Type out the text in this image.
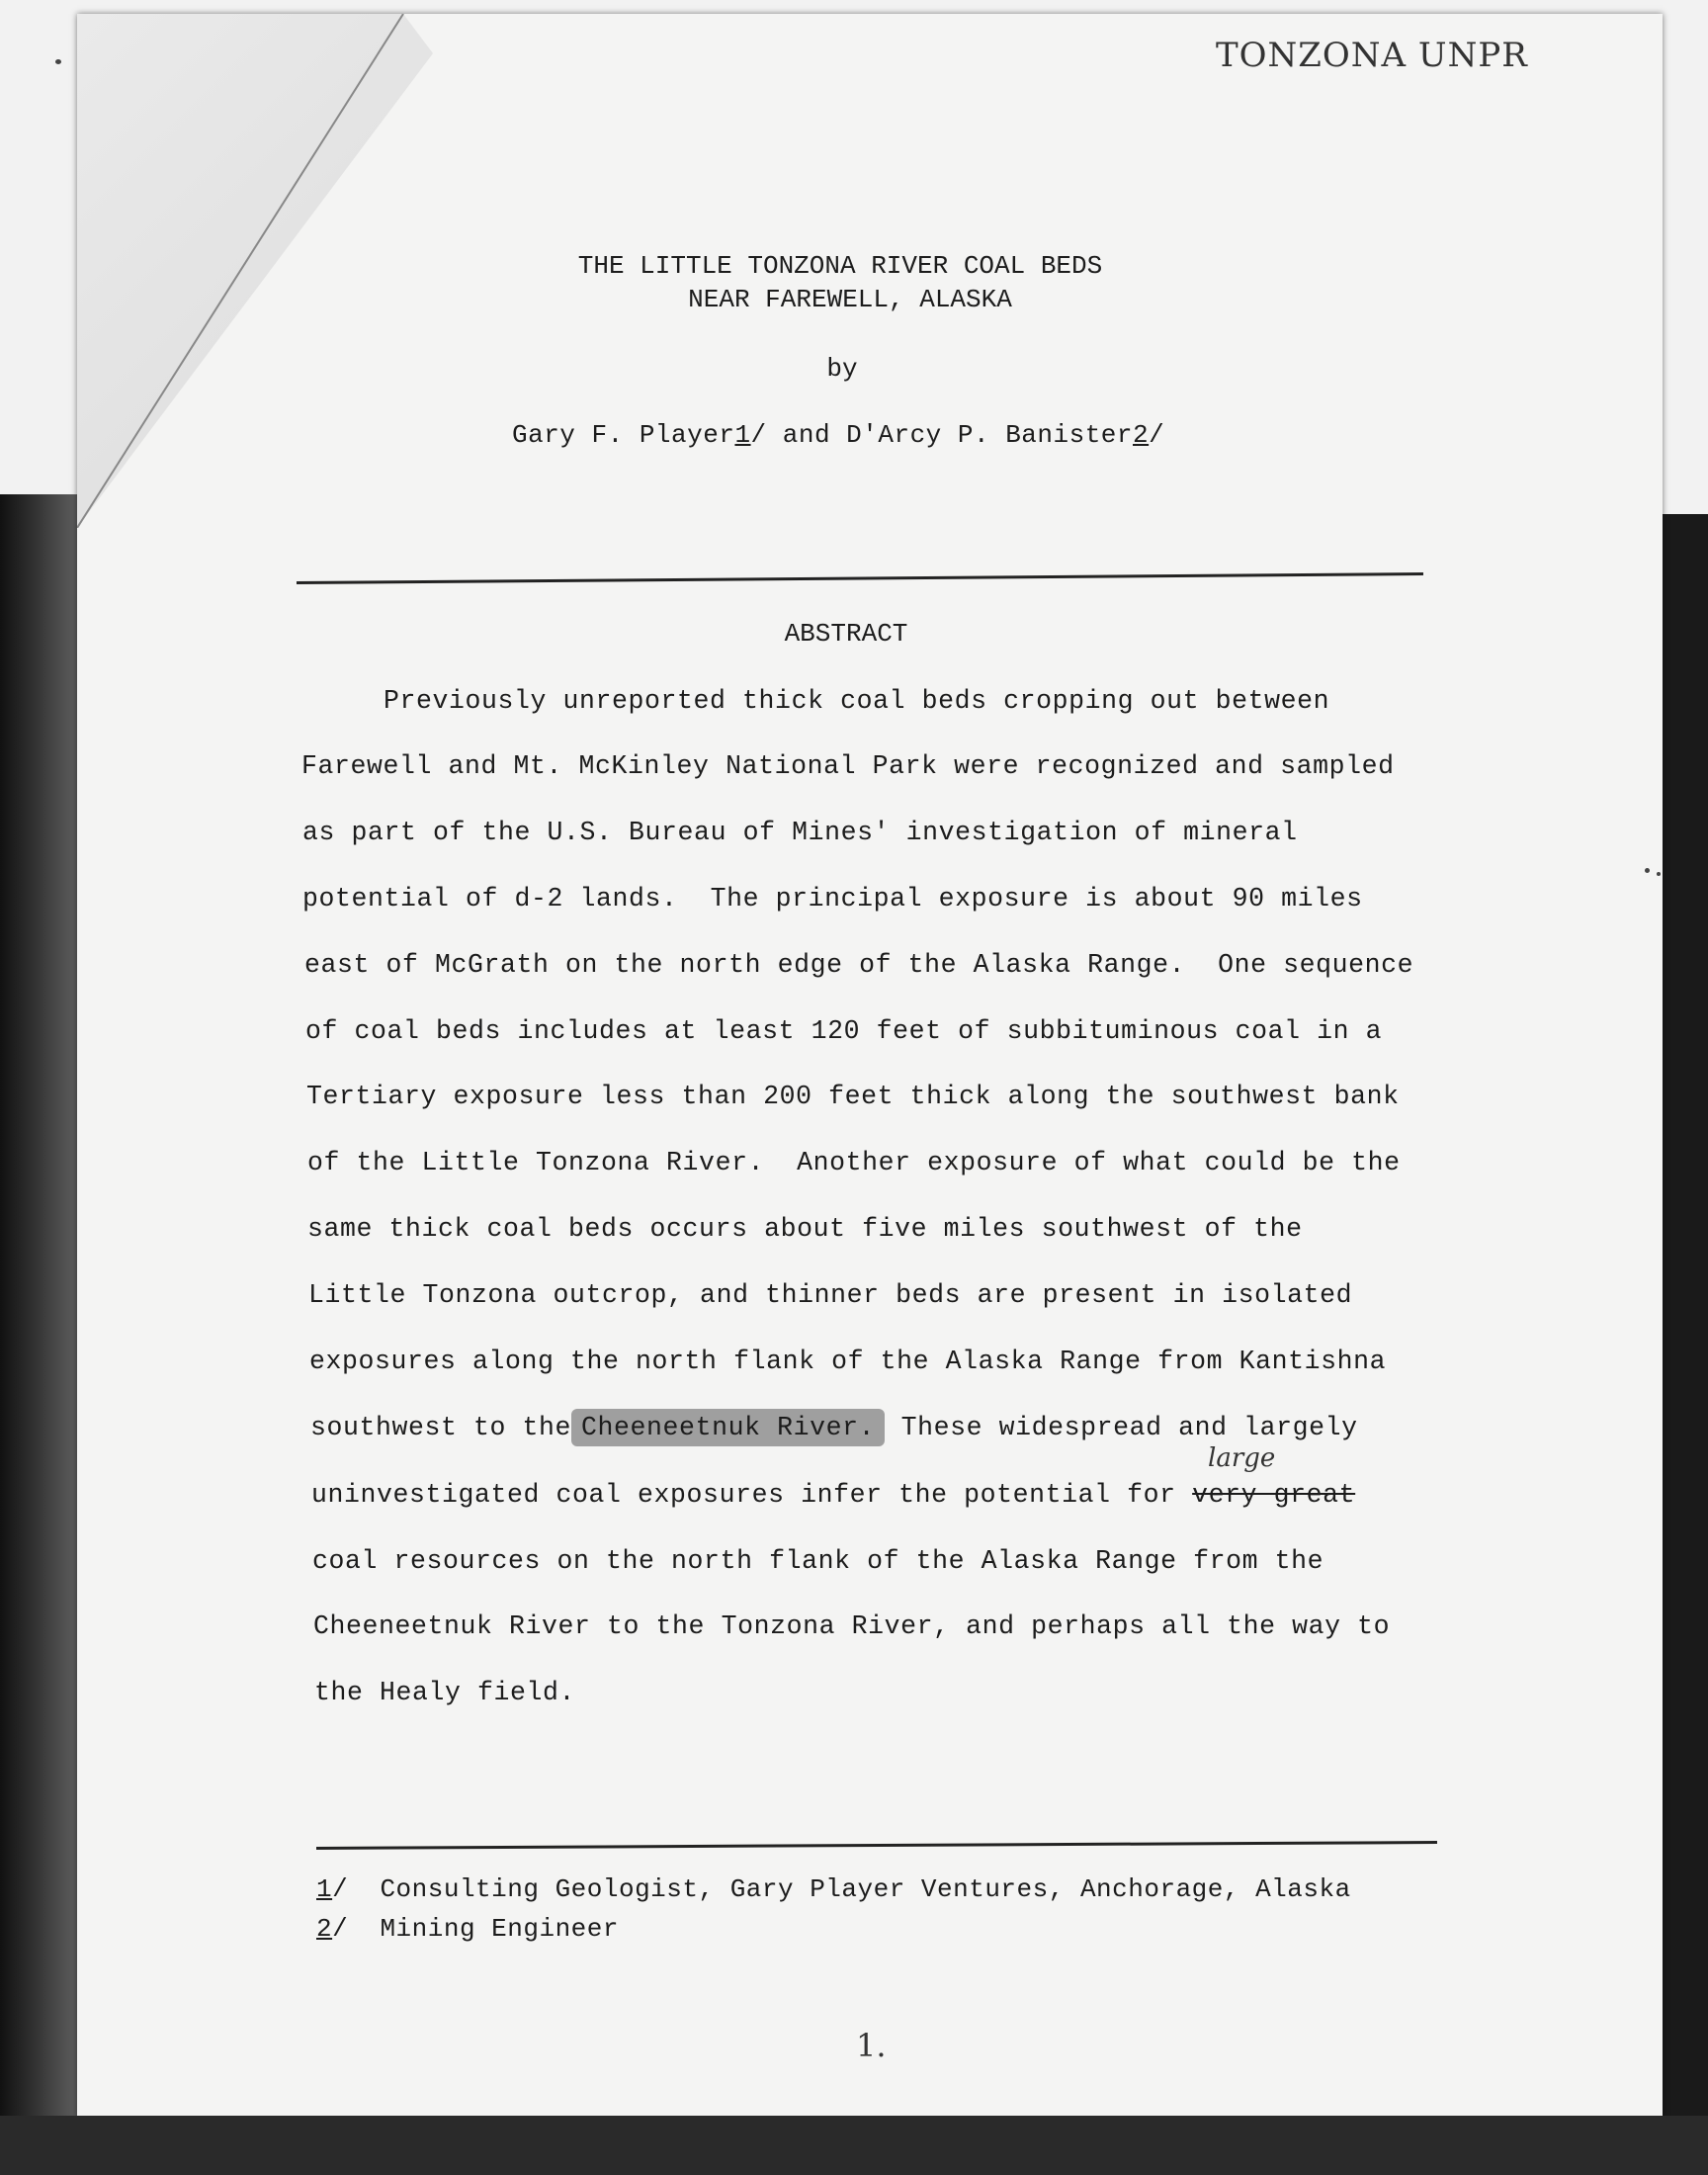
TONZONA UNPR
THE LITTLE TONZONA RIVER COAL BEDS
NEAR FAREWELL, ALASKA
by
Gary F. Player1/ and D'Arcy P. Banister2/
ABSTRACT
Previously unreported thick coal beds cropping out between
Farewell and Mt. McKinley National Park were recognized and sampled
as part of the U.S. Bureau of Mines' investigation of mineral
potential of d-2 lands.  The principal exposure is about 90 miles
east of McGrath on the north edge of the Alaska Range.  One sequence
of coal beds includes at least 120 feet of subbituminous coal in a
Tertiary exposure less than 200 feet thick along the southwest bank
of the Little Tonzona River.  Another exposure of what could be the
same thick coal beds occurs about five miles southwest of the
Little Tonzona outcrop, and thinner beds are present in isolated
exposures along the north flank of the Alaska Range from Kantishna
southwest to the Cheeneetnuk River. These widespread and largely
large
uninvestigated coal exposures infer the potential for very great
coal resources on the north flank of the Alaska Range from the
Cheeneetnuk River to the Tonzona River, and perhaps all the way to
the Healy field.
1/ Consulting Geologist, Gary Player Ventures, Anchorage, Alaska
2/ Mining Engineer
1.
